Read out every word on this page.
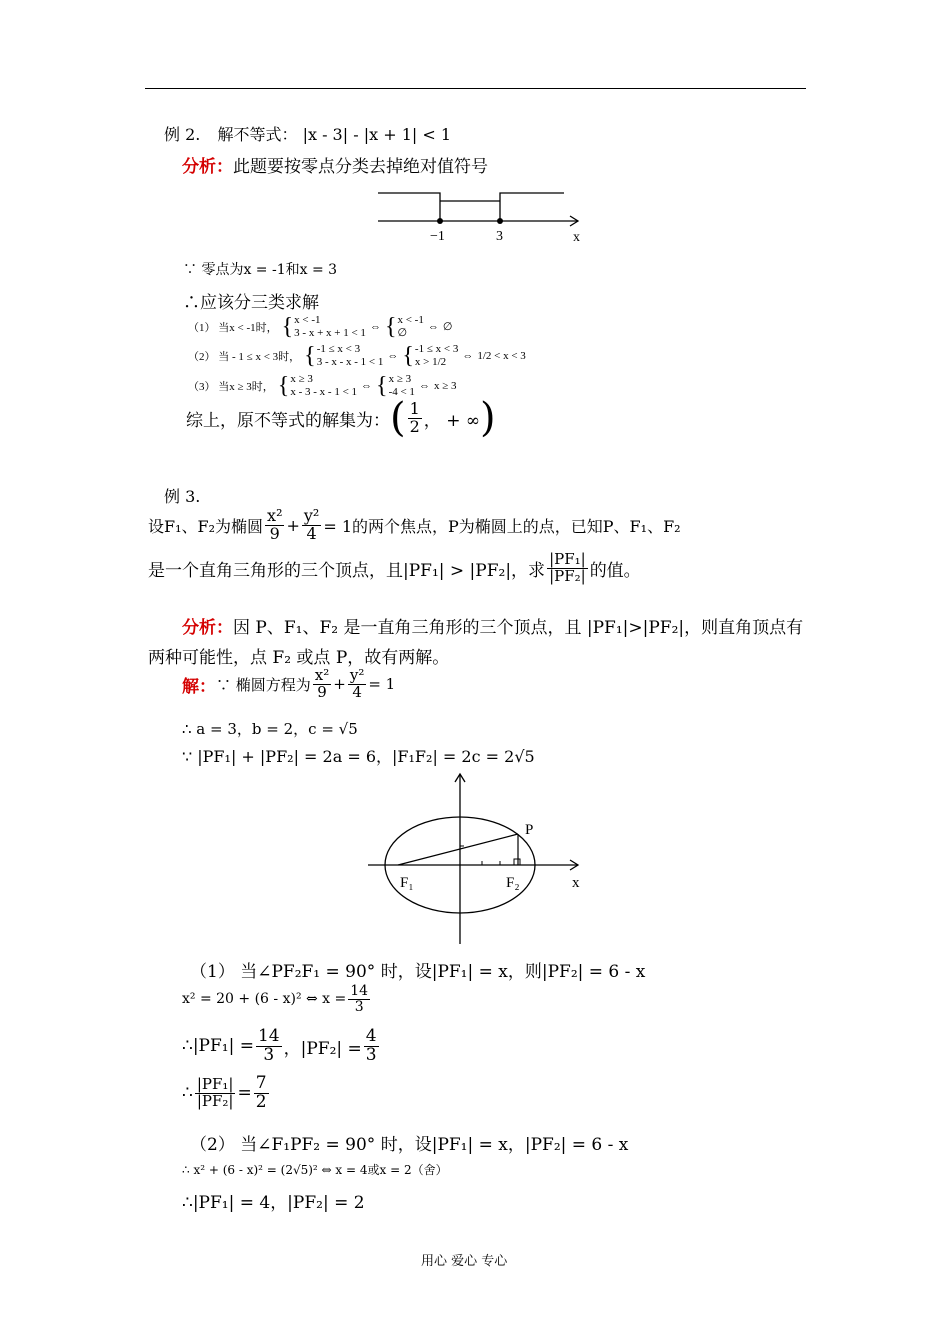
例 2. 解不等式： |x - 3| - |x + 1| < 1
分析：此题要按零点分类去掉绝对值符号
−1	3	x
∵ 零点为x = -1和x = 3
∴应该分三类求解
（1） 当x < -1时， { x < -1
3 - x + x + 1 < 1 ⇔ { x < -1
∅	⇔ ∅
（2） 当 - 1 ≤ x < 3时， { -1 ≤ x < 3
3 - x - x - 1 < 1 ⇔ { -1 ≤ x < 3
x > 1/2	⇔ 1/2 < x < 3
（3） 当x ≥ 3时， { x ≥ 3
x - 3 - x - 1 < 1 ⇔ { x ≥ 3
-4 < 1 ⇔ x ≥ 3
综上，原不等式的解集为： ( $\frac{1}{2}$ ， + ∞ )
例 3.
设F₁、F₂为椭圆 $\frac{\text{x²}}{9} + \frac{\text{y²}}{4} = 1$的两个焦点，P为椭圆上的点，已知P、F₁、F₂
是一个直角三角形的三个顶点，且|PF₁| > |PF₂|，求 $\frac{\text{|PF₁|}}{\text{|PF₂|}}$ 的值。
分析：因 P、F₁、F₂ 是一直角三角形的三个顶点，且 |PF₁|>|PF₂|，则直角顶点有
两种可能性，点 F₂ 或点 P，故有两解。
解： ∵ 椭圆方程为 $\frac{\text{x²}}{9} + \frac{\text{y²}}{4} = 1$
∴ a = 3，b = 2，c = √5
∵ |PF₁| + |PF₂| = 2a = 6，|F₁F₂| = 2c = 2√5
P
F₁	F₂	x
（1） 当∠PF₂F₁ = 90° 时，设|PF₁| = x，则|PF₂| = 6 - x
x² = 20 + (6 - x)² ⇔ $x = \frac{14}{3}$
∴|PF₁| = $\frac{14}{3}$ ，$|PF_2| = \frac{4}{3}$
∴ $\frac{\text{|PF₁|}}{\text{|PF₂|}} = \frac{7}{2}$
（2） 当∠F₁PF₂ = 90° 时，设|PF₁| = x，|PF₂| = 6 - x
∴ x² + (6 - x)² = (2√5)² ⇔ x = 4或x = 2（舍）
∴|PF₁| = 4，|PF₂| = 2
用心 爱心 专心
